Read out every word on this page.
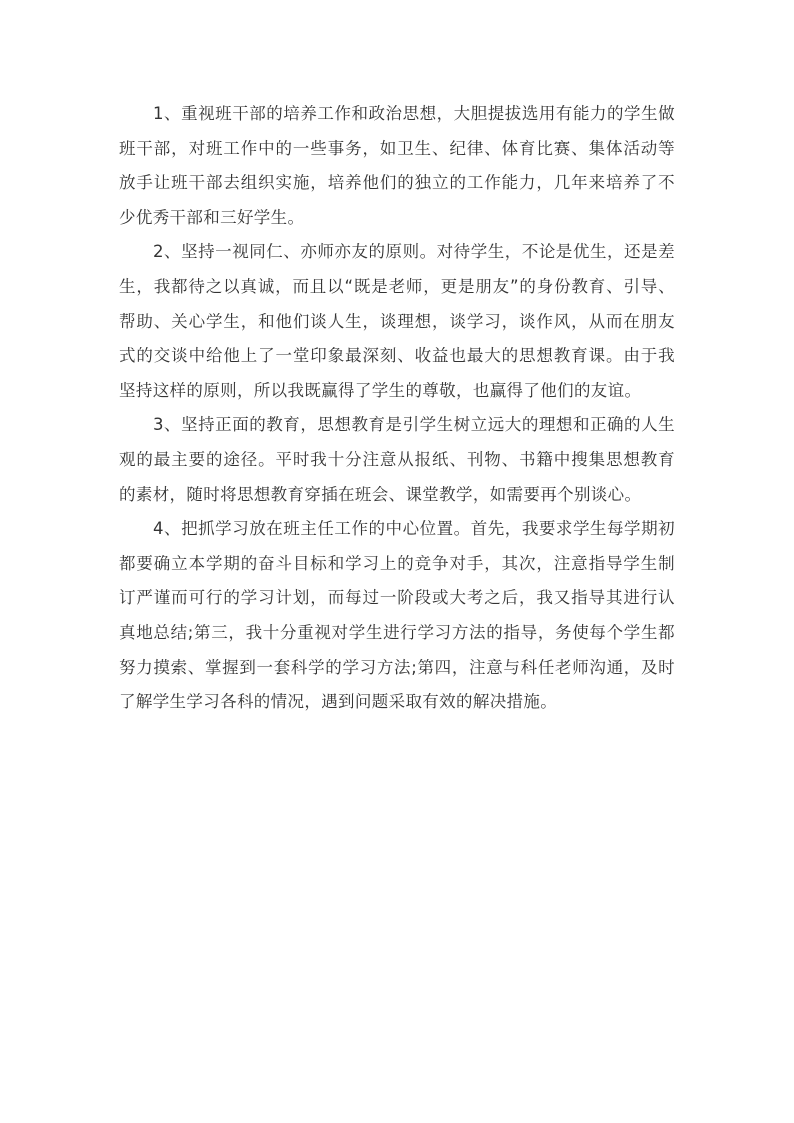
1、重视班干部的培养工作和政治思想，大胆提拔选用有能力的学生做班干部，对班工作中的一些事务，如卫生、纪律、体育比赛、集体活动等放手让班干部去组织实施，培养他们的独立的工作能力，几年来培养了不少优秀干部和三好学生。

2、坚持一视同仁、亦师亦友的原则。对待学生，不论是优生，还是差生，我都待之以真诚，而且以“既是老师，更是朋友”的身份教育、引导、帮助、关心学生，和他们谈人生，谈理想，谈学习，谈作风，从而在朋友式的交谈中给他上了一堂印象最深刻、收益也最大的思想教育课。由于我坚持这样的原则，所以我既赢得了学生的尊敬，也赢得了他们的友谊。

3、坚持正面的教育，思想教育是引学生树立远大的理想和正确的人生观的最主要的途径。平时我十分注意从报纸、刊物、书籍中搜集思想教育的素材，随时将思想教育穿插在班会、课堂教学，如需要再个别谈心。

4、把抓学习放在班主任工作的中心位置。首先，我要求学生每学期初都要确立本学期的奋斗目标和学习上的竞争对手，其次，注意指导学生制订严谨而可行的学习计划，而每过一阶段或大考之后，我又指导其进行认真地总结;第三，我十分重视对学生进行学习方法的指导，务使每个学生都努力摸索、掌握到一套科学的学习方法;第四，注意与科任老师沟通，及时了解学生学习各科的情况，遇到问题采取有效的解决措施。
